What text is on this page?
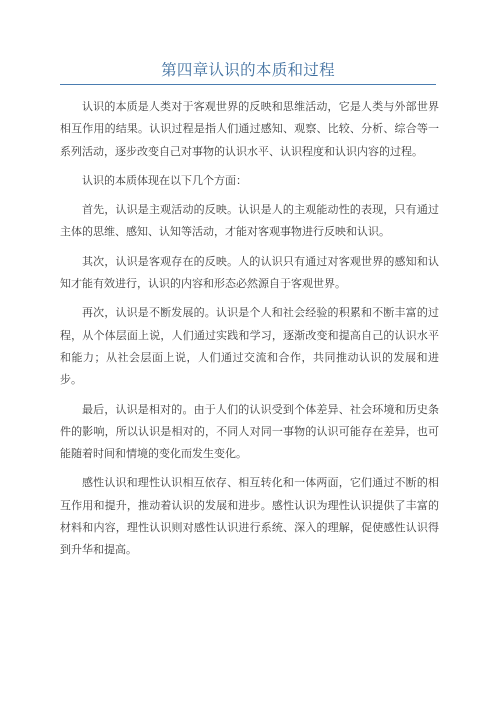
第四章认识的本质和过程

认识的本质是人类对于客观世界的反映和思维活动，它是人类与外部世界相互作用的结果。认识过程是指人们通过感知、观察、比较、分析、综合等一系列活动，逐步改变自己对事物的认识水平、认识程度和认识内容的过程。

认识的本质体现在以下几个方面：

首先，认识是主观活动的反映。认识是人的主观能动性的表现，只有通过主体的思维、感知、认知等活动，才能对客观事物进行反映和认识。

其次，认识是客观存在的反映。人的认识只有通过对客观世界的感知和认知才能有效进行，认识的内容和形态必然源自于客观世界。

再次，认识是不断发展的。认识是个人和社会经验的积累和不断丰富的过程，从个体层面上说，人们通过实践和学习，逐渐改变和提高自己的认识水平和能力；从社会层面上说，人们通过交流和合作，共同推动认识的发展和进步。

最后，认识是相对的。由于人们的认识受到个体差异、社会环境和历史条件的影响，所以认识是相对的，不同人对同一事物的认识可能存在差异，也可能随着时间和情境的变化而发生变化。

感性认识和理性认识相互依存、相互转化和一体两面，它们通过不断的相互作用和提升，推动着认识的发展和进步。感性认识为理性认识提供了丰富的材料和内容，理性认识则对感性认识进行系统、深入的理解，促使感性认识得到升华和提高。
